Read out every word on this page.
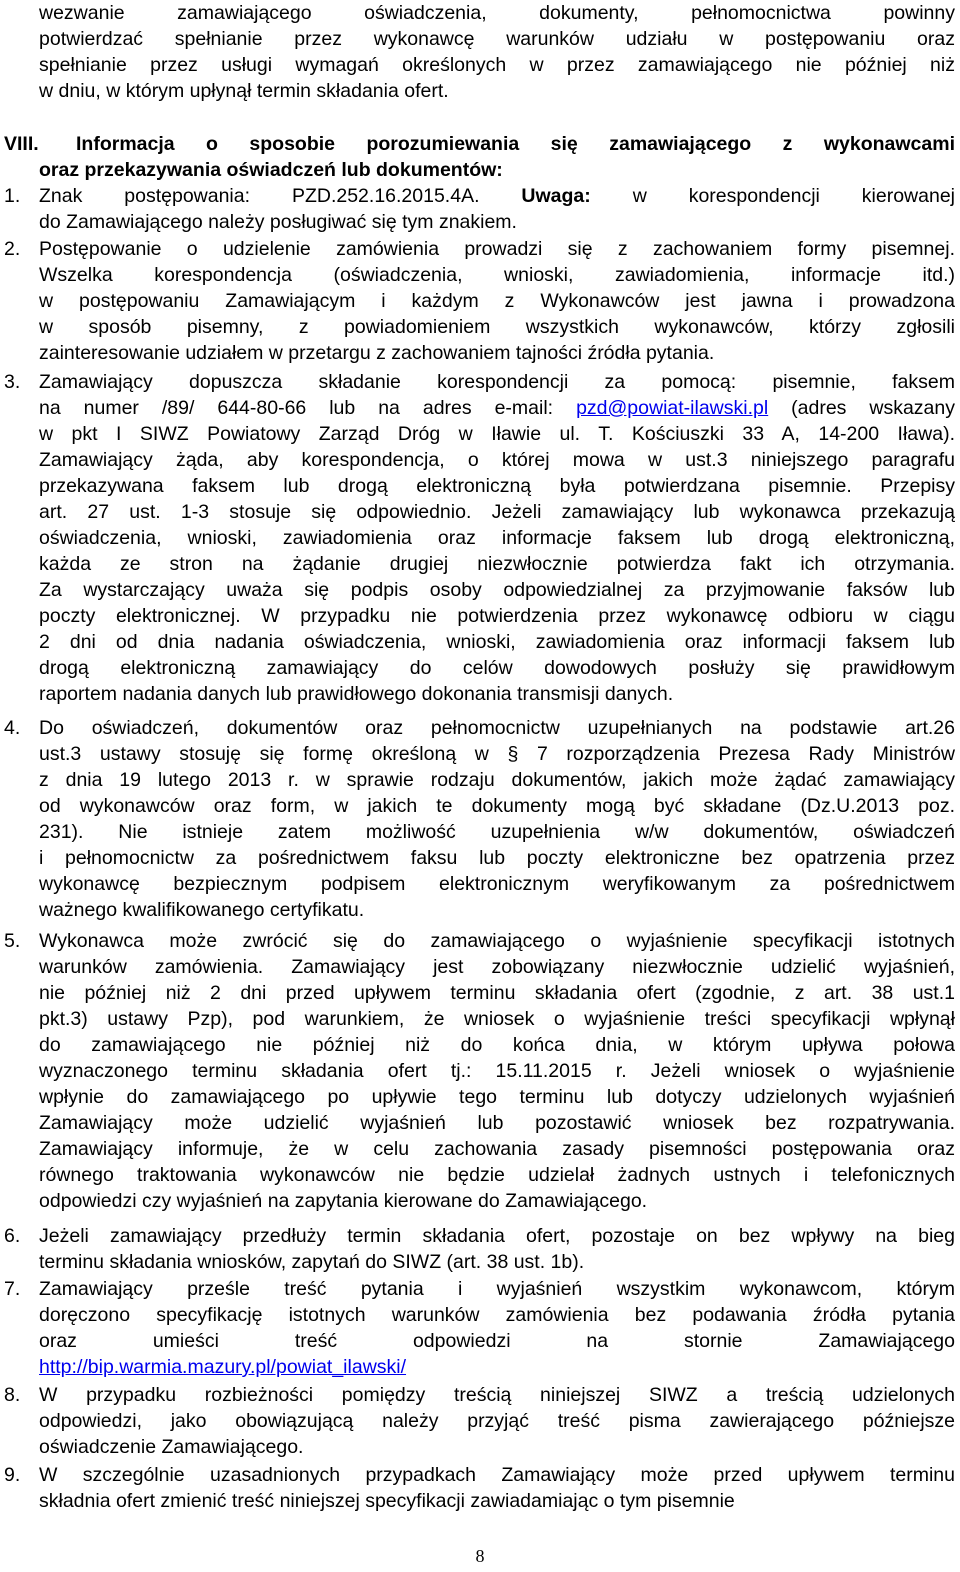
wezwanie zamawiającego oświadczenia, dokumenty, pełnomocnictwa powinny
potwierdzać spełnianie przez wykonawcę warunków udziału w postępowaniu oraz
spełnianie przez usługi wymagań określonych w przez zamawiającego nie później niż
w dniu, w którym upłynął termin składania ofert.
VIII.	Informacja o sposobie porozumiewania się zamawiającego z wykonawcami
oraz przekazywania oświadczeń lub dokumentów:
1. Znak postępowania: PZD.252.16.2015.4A. Uwaga: w korespondencji kierowanej
do Zamawiającego należy posługiwać się tym znakiem.
2. Postępowanie o udzielenie zamówienia prowadzi się z zachowaniem formy pisemnej.
Wszelka korespondencja (oświadczenia, wnioski, zawiadomienia, informacje itd.)
w postępowaniu Zamawiającym i każdym z Wykonawców jest jawna i prowadzona
w sposób pisemny, z powiadomieniem wszystkich wykonawców, którzy zgłosili
zainteresowanie udziałem w przetargu z zachowaniem tajności źródła pytania.
3. Zamawiający dopuszcza składanie korespondencji za pomocą: pisemnie, faksem
na numer /89/ 644-80-66 lub na adres e-mail: pzd@powiat-ilawski.pl (adres wskazany
w pkt I SIWZ Powiatowy Zarząd Dróg w Iławie ul. T. Kościuszki 33 A, 14-200 Iława).
Zamawiający żąda, aby korespondencja, o której mowa w ust.3 niniejszego paragrafu
przekazywana faksem lub drogą elektroniczną była potwierdzana pisemnie. Przepisy
art. 27 ust. 1-3 stosuje się odpowiednio. Jeżeli zamawiający lub wykonawca przekazują
oświadczenia, wnioski, zawiadomienia oraz informacje faksem lub drogą elektroniczną,
każda ze stron na żądanie drugiej niezwłocznie potwierdza fakt ich otrzymania.
Za wystarczający uważa się podpis osoby odpowiedzialnej za przyjmowanie faksów lub
poczty elektronicznej. W przypadku nie potwierdzenia przez wykonawcę odbioru w ciągu
2 dni od dnia nadania oświadczenia, wnioski, zawiadomienia oraz informacji faksem lub
drogą elektroniczną zamawiający do celów dowodowych posłuży się prawidłowym
raportem nadania danych lub prawidłowego dokonania transmisji danych.
4. Do oświadczeń, dokumentów oraz pełnomocnictw uzupełnianych na podstawie art.26
ust.3 ustawy stosuję się formę określoną w § 7 rozporządzenia Prezesa Rady Ministrów
z dnia 19 lutego 2013 r. w sprawie rodzaju dokumentów, jakich może żądać zamawiający
od wykonawców oraz form, w jakich te dokumenty mogą być składane (Dz.U.2013 poz.
231). Nie istnieje zatem możliwość uzupełnienia w/w dokumentów, oświadczeń
i pełnomocnictw za pośrednictwem faksu lub poczty elektroniczne bez opatrzenia przez
wykonawcę bezpiecznym podpisem elektronicznym weryfikowanym za pośrednictwem
ważnego kwalifikowanego certyfikatu.
5. Wykonawca może zwrócić się do zamawiającego o wyjaśnienie specyfikacji istotnych
warunków zamówienia. Zamawiający jest zobowiązany niezwłocznie udzielić wyjaśnień,
nie później niż 2 dni przed upływem terminu składania ofert (zgodnie, z art. 38 ust.1
pkt.3) ustawy Pzp), pod warunkiem, że wniosek o wyjaśnienie treści specyfikacji wpłynął
do zamawiającego nie później niż do końca dnia, w którym upływa połowa
wyznaczonego terminu składania ofert tj.: 15.11.2015 r. Jeżeli wniosek o wyjaśnienie
wpłynie do zamawiającego po upływie tego terminu lub dotyczy udzielonych wyjaśnień
Zamawiający może udzielić wyjaśnień lub pozostawić wniosek bez rozpatrywania.
Zamawiający informuje, że w celu zachowania zasady pisemności postępowania oraz
równego traktowania wykonawców nie będzie udzielał żadnych ustnych i telefonicznych
odpowiedzi czy wyjaśnień na zapytania kierowane do Zamawiającego.
6. Jeżeli zamawiający przedłuży termin składania ofert, pozostaje on bez wpływy na bieg
terminu składania wniosków, zapytań do SIWZ (art. 38 ust. 1b).
7. Zamawiający prześle treść pytania i wyjaśnień wszystkim wykonawcom, którym
doręczono specyfikację istotnych warunków zamówienia bez podawania źródła pytania
oraz umieści treść odpowiedzi na stornie Zamawiającego
http://bip.warmia.mazury.pl/powiat_ilawski/
8. W przypadku rozbieżności pomiędzy treścią niniejszej SIWZ a treścią udzielonych
odpowiedzi, jako obowiązującą należy przyjąć treść pisma zawierającego późniejsze
oświadczenie Zamawiającego.
9. W szczególnie uzasadnionych przypadkach Zamawiający może przed upływem terminu
składnia ofert zmienić treść niniejszej specyfikacji zawiadamiając o tym pisemnie
8
